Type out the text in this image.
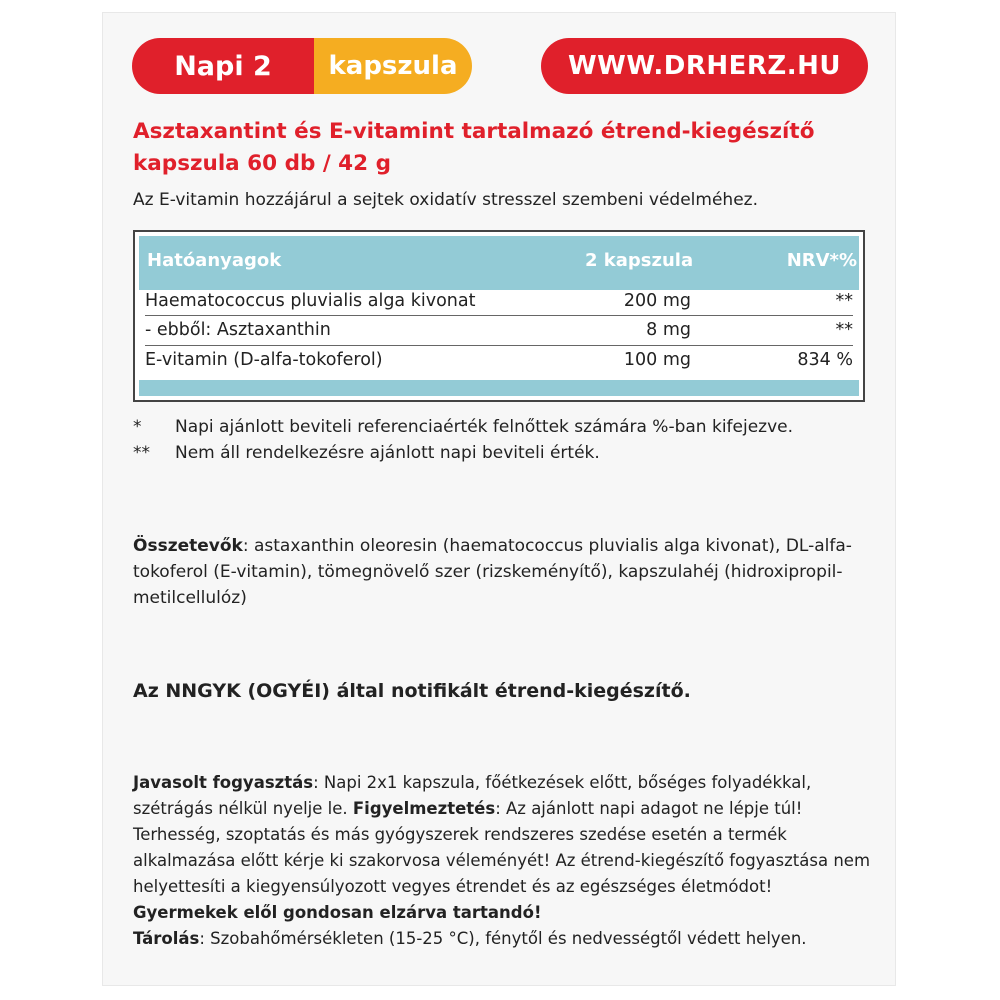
Napi 2	kapszula	WWW.DRHERZ.HU
Asztaxantint és E-vitamint tartalmazó étrend-kiegészítő
kapszula 60 db / 42 g
Az E-vitamin hozzájárul a sejtek oxidatív stresszel szembeni védelméhez.
Hatóanyagok	2 kapszula	NRV*%
Haematococcus pluvialis alga kivonat	200 mg	**
- ebből: Asztaxanthin	8 mg	**
E-vitamin (D-alfa-tokoferol)	100 mg	834 %
* Napi ajánlott beviteli referenciaérték felnőttek számára %-ban kifejezve.
** Nem áll rendelkezésre ajánlott napi beviteli érték.
Összetevők: astaxanthin oleoresin (haematococcus pluvialis alga kivonat), DL-alfa-tokoferol (E-vitamin), tömegnövelő szer (rizskeményítő), kapszulahéj (hidroxipropil-metilcellulóz)
Az NNGYK (OGYÉI) által notifikált étrend-kiegészítő.
Javasolt fogyasztás: Napi 2x1 kapszula, főétkezések előtt, bőséges folyadékkal, szétrágás nélkül nyelje le. Figyelmeztetés: Az ajánlott napi adagot ne lépje túl! Terhesség, szoptatás és más gyógyszerek rendszeres szedése esetén a termék alkalmazása előtt kérje ki szakorvosa véleményét! Az étrend-kiegészítő fogyasztása nem helyettesíti a kiegyensúlyozott vegyes étrendet és az egészséges életmódot! Gyermekek elől gondosan elzárva tartandó!
Tárolás: Szobahőmérsékleten (15-25 °C), fénytől és nedvességtől védett helyen.
